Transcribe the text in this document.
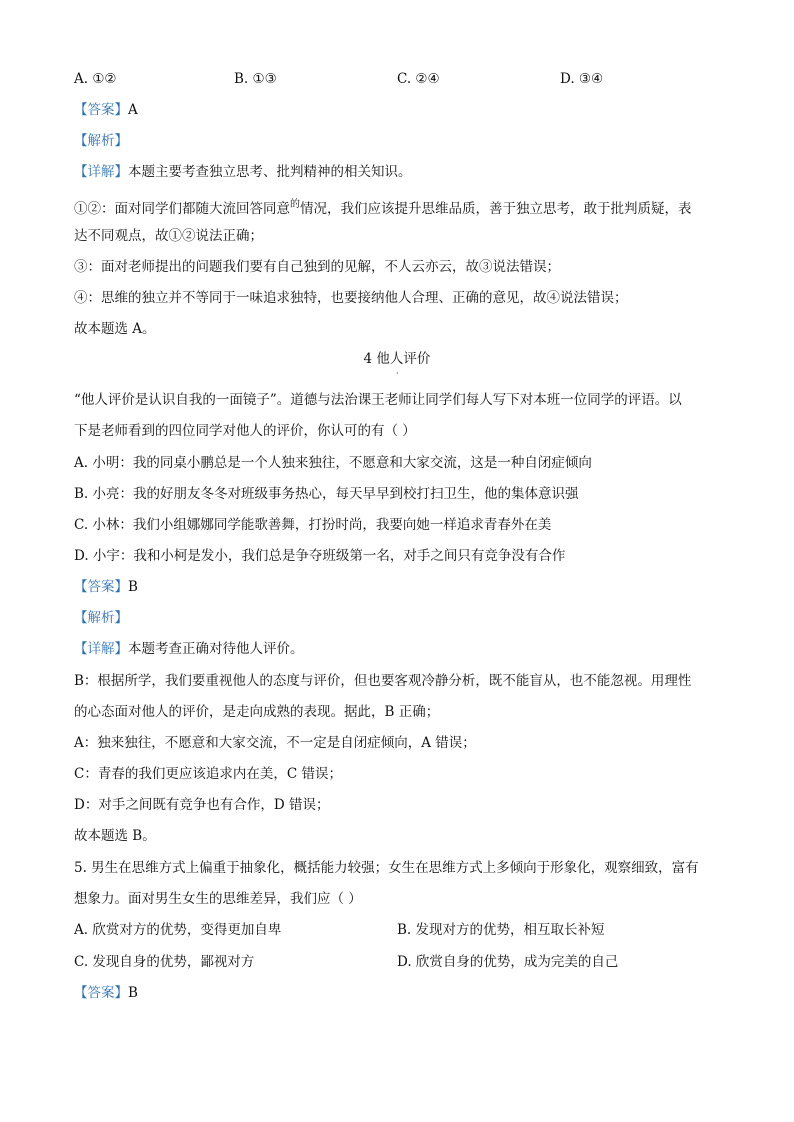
A. ①②	B. ①③	C. ②④	D. ③④
【答案】A
【解析】
【详解】本题主要考查独立思考、批判精神的相关知识。
①②：面对同学们都随大流回答同意$^的$情况，我们应该提升思维品质，善于独立思考，敢于批判质疑，表
达不同观点，故①②说法正确；
③：面对老师提出的问题我们要有自己独到的见解，不人云亦云，故③说法错误；
④：思维的独立并不等同于一味追求独特，也要接纳他人合理、正确的意见，故④说法错误；
故本题选 A。
4 他人评价
·
“他人评价是认识自我的一面镜子”。道德与法治课王老师让同学们每人写下对本班一位同学的评语。以
下是老师看到的四位同学对他人的评价，你认可的有（ ）
A. 小明：我的同桌小鹏总是一个人独来独往，不愿意和大家交流，这是一种自闭症倾向
B. 小亮：我的好朋友冬冬对班级事务热心，每天早早到校打扫卫生，他的集体意识强
C. 小林：我们小组娜娜同学能歌善舞，打扮时尚，我要向她一样追求青春外在美
D. 小宇：我和小柯是发小，我们总是争夺班级第一名，对手之间只有竞争没有合作
【答案】B
【解析】
【详解】本题考查正确对待他人评价。
B：根据所学，我们要重视他人的态度与评价，但也要客观冷静分析，既不能盲从，也不能忽视。用理性
的心态面对他人的评价，是走向成熟的表现。据此，B 正确；
A：独来独往，不愿意和大家交流，不一定是自闭症倾向，A 错误；
C：青春的我们更应该追求内在美，C 错误；
D：对手之间既有竞争也有合作，D 错误；
故本题选 B。
5. 男生在思维方式上偏重于抽象化，概括能力较强；女生在思维方式上多倾向于形象化，观察细致，富有
想象力。面对男生女生的思维差异，我们应（ ）
A. 欣赏对方的优势，变得更加自卑	B. 发现对方的优势，相互取长补短
C. 发现自身的优势，鄙视对方	D. 欣赏自身的优势，成为完美的自己
【答案】B
